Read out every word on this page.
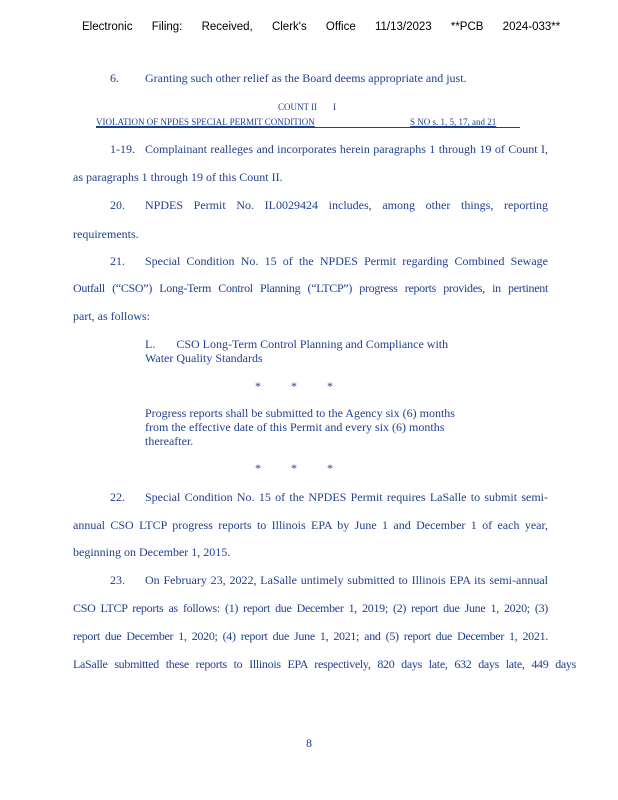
Electronic Filing: Received, Clerk's Office 11/13/2023 **PCB 2024-033**
6. Granting such other relief as the Board deems appropriate and just.
COUNT II I
VIOLATION OF NPDES SPECIAL PERMIT CONDITION	S NO s. 1, 5, 17, and 21
1-19. Complainant realleges and incorporates herein paragraphs 1 through 19 of Count I,
as paragraphs 1 through 19 of this Count II.
20. NPDES Permit No. IL0029424 includes, among other things, reporting
requirements.
21. Special Condition No. 15 of the NPDES Permit regarding Combined Sewage
Outfall (“CSO”) Long-Term Control Planning (“LTCP”) progress reports provides, in pertinent
part, as follows:
L.       CSO Long-Term Control Planning and Compliance with
Water Quality Standards
*	*	*
Progress reports shall be submitted to the Agency six (6) months
from the effective date of this Permit and every six (6) months
thereafter.
*	*	*
22. Special Condition No. 15 of the NPDES Permit requires LaSalle to submit semi-
annual CSO LTCP progress reports to Illinois EPA by June 1 and December 1 of each year,
beginning on December 1, 2015.
23. On February 23, 2022, LaSalle untimely submitted to Illinois EPA its semi-annual
CSO LTCP reports as follows: (1) report due December 1, 2019; (2) report due June 1, 2020; (3)
report due December 1, 2020; (4) report due June 1, 2021; and (5) report due December 1, 2021.
LaSalle submitted these reports to Illinois EPA respectively, 820 days late, 632 days late, 449 days
8
